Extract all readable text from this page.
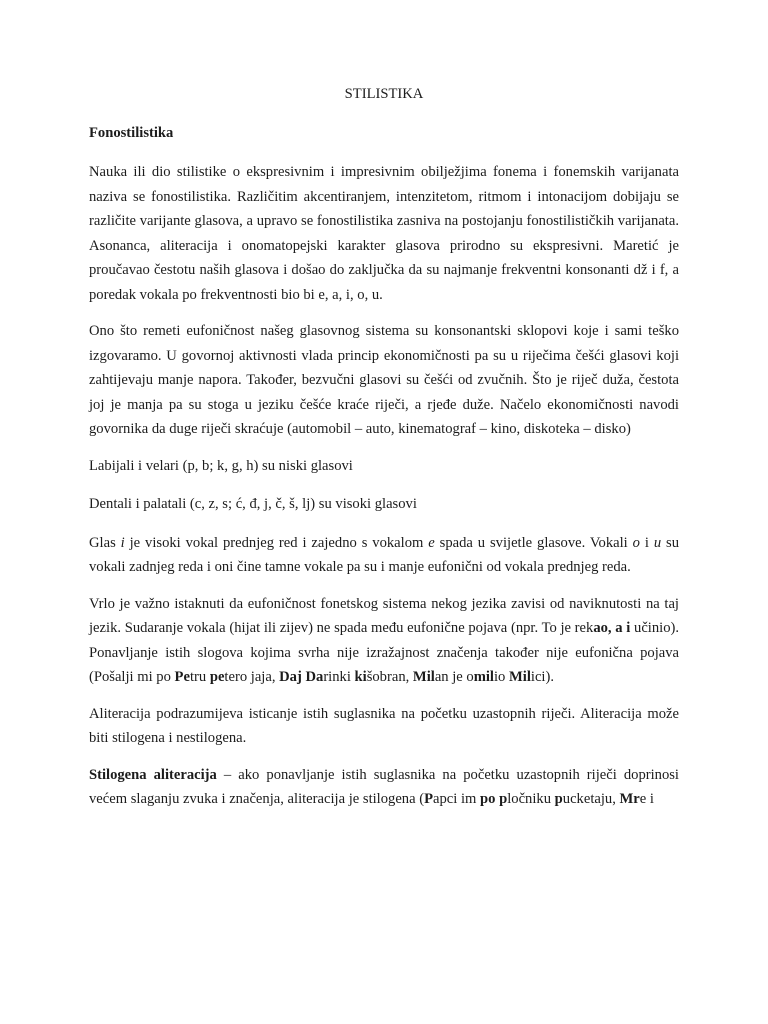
STILISTIKA
Fonostilistika

Nauka ili dio stilistike o ekspresivnim i impresivnim obilježjima fonema i fonemskih varijanata naziva se fonostilistika. Različitim akcentiranjem, intenzitetom, ritmom i intonacijom dobijaju se različite varijante glasova, a upravo se fonostilistika zasniva na postojanju fonostilističkih varijanata. Asonanca, aliteracija i onomatopejski karakter glasova prirodno su ekspresivni. Maretić je proučavao čestotu naših glasova i došao do zaključka da su najmanje frekventni konsonanti dž i f, a poredak vokala po frekventnosti bio bi e, a, i, o, u.

Ono što remeti eufoničnost našeg glasovnog sistema su konsonantski sklopovi koje i sami teško izgovaramo. U govornoj aktivnosti vlada princip ekonomičnosti pa su u riječima češći glasovi koji zahtijevaju manje napora. Također, bezvučni glasovi su češći od zvučnih. Što je riječ duža, čestota joj je manja pa su stoga u jeziku češće kraće riječi, a rjeđe duže. Načelo ekonomičnosti navodi govornika da duge riječi skraćuje (automobil – auto, kinematograf – kino, diskoteka – disko)

Labijali i velari (p, b; k, g, h) su niski glasovi

Dentali i palatali (c, z, s; ć, đ, j, č, š, lj) su visoki glasovi

Glas i je visoki vokal prednjeg red i zajedno s vokalom e spada u svijetle glasove. Vokali o i u su vokali zadnjeg reda i oni čine tamne vokale pa su i manje eufonični od vokala prednjeg reda.

Vrlo je važno istaknuti da eufoničnost fonetskog sistema nekog jezika zavisi od naviknutosti na taj jezik. Sudaranje vokala (hijat ili zijev) ne spada među eufonične pojava (npr. To je rekao, a i učinio). Ponavljanje istih slogova kojima svrha nije izražajnost značenja također nije eufonična pojava (Pošalji mi po Petru petero jaja, Daj Darinki kišobran, Milan je omilio Milici).

Aliteracija podrazumijeva isticanje istih suglasnika na početku uzastopnih riječi. Aliteracija može biti stilogena i nestilogena.

Stilogena aliteracija – ako ponavljanje istih suglasnika na početku uzastopnih riječi doprinosi većem slaganju zvuka i značenja, aliteracija je stilogena (Papci im po pločniku pucketaju, Mre i
